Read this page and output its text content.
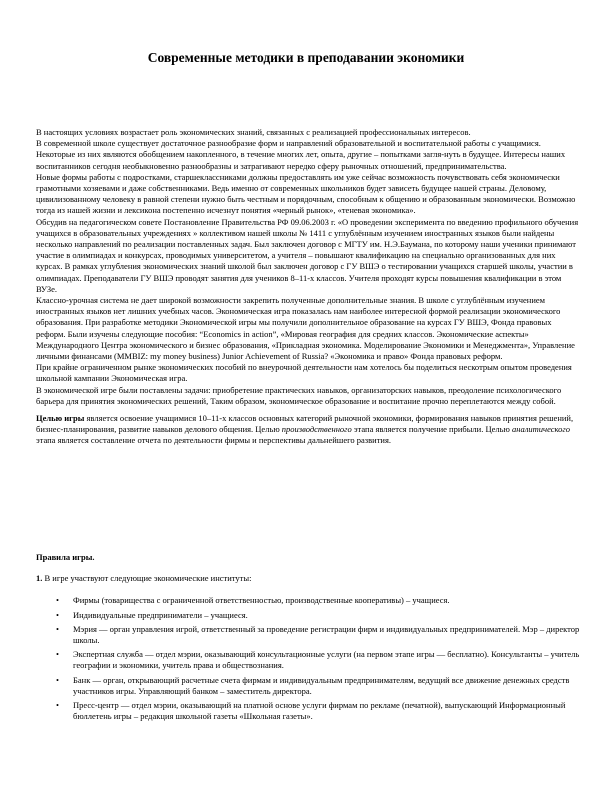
Современные методики в преподавании экономики

В настоящих условиях возрастает роль экономических знаний, связанных с реализацией профессиональных интересов.

В современной школе существует достаточное разнообразие форм и направлений образовательной и воспитательной работы с учащимися. Некоторые из них являются обобщением накопленного, в течение многих лет, опыта, другие – попытками загля-нуть в будущее. Интересы наших воспитанников сегодня необыкновенно разнообразны и затрагивают нередко сферу рыночных отношений, предпринимательства.

Новые формы работы с подростками, старшеклассниками должны предоставлять им уже сейчас возможность почувствовать себя экономически грамотными хозяевами и даже собственниками. Ведь именно от современных школьников будет зависеть будущее нашей страны. Деловому, цивилизованному человеку в равной степени нужно быть честным и порядочным, способным к общению и образованным экономически. Возможно тогда из нашей жизни и лексикона постепенно исчезнут понятия «черный рынок», «теневая экономика».

Обсудив на педагогическом совете Постановление Правительства РФ 09.06.2003 г. «О проведении эксперимента по введению профильного обучения учащихся в образовательных учреждениях » коллективом нашей школы № 1411 с углублённым изучением иностранных языков были найдены несколько направлений по реализации поставленных задач. Был заключен договор с МГТУ им. Н.Э.Баумана, по которому наши ученики принимают участие в олимпиадах и конкурсах, проводимых университетом, а учителя – повышают квалификацию на специально организованных для них курсах. В рамках углубления экономических знаний школой был заключен договор с ГУ ВШЭ о тестировании учащихся старшей школы, участии в олимпиадах. Преподаватели ГУ ВШЭ проводят занятия для учеников 8–11-х классов. Учителя проходят курсы повышения квалификации в этом ВУЗе.

Классно-урочная система не дает широкой возможности закрепить полученные дополнительные знания. В школе с углублённым изучением иностранных языков нет лишних учебных часов. Экономическая игра показалась нам наиболее интересной формой реализации экономического образования. При разработке методики Экономической игры мы получили дополнительное образование на курсах ГУ ВШЭ, Фонда правовых реформ. Были изучены следующие пособия: “Economics in action”, «Мировая география для средних классов. Экономические аспекты» Международного Центра экономического и бизнес образования, «Прикладная экономика. Моделирование Экономики и Менеджмента», Управление личными финансами (MMBIZ: my money business) Junior Achievement of Russia? «Экономика и право» Фонда правовых реформ.

При крайне ограниченном рынке экономических пособий по внеурочной деятельности нам хотелось бы поделиться нескотрым опытом проведения школьной кампании Экономическая игра.

В экономической игре были поставлены задачи: приобретение практических навыков, организаторских навыков, преодоление психологического барьера для принятия экономических решений, Таким образом, экономическое образование и воспитание прочно переплетаются между собой.

Целью игры является освоение учащимися 10–11-х классов основных категорий рыночной экономики, формирования навыков принятия решений, бизнес-планирования, развитие навыков делового общения. Целью производственного этапа является получение прибыли. Целью аналитического этапа является составление отчета по деятельности фирмы и перспективы дальнейшего развития.

Правила игры.

1. В игре участвуют следующие экономические институты:

• Фирмы (товарищества с ограниченной ответственностью, производственные кооперативы) – учащиеся.
• Индивидуальные предприниматели – учащиеся.
• Мэрия — орган управления игрой, ответственный за проведение регистрации фирм и индивидуальных предпринимателей. Мэр – директор школы.
• Экспертная служба — отдел мэрии, оказывающий консультационные услуги (на первом этапе игры — бесплатно). Консультанты – учитель географии и экономики, учитель права и обществознания.
• Банк — орган, открывающий расчетные счета фирмам и индивидуальным предпринимателям, ведущий все движение денежных средств участников игры. Управляющий банком – заместитель директора.
• Пресс-центр — отдел мэрии, оказывающий на платной основе услуги фирмам по рекламе (печатной), выпускающий Информационный бюллетень игры – редакция школьной газеты «Школьная газеты».
